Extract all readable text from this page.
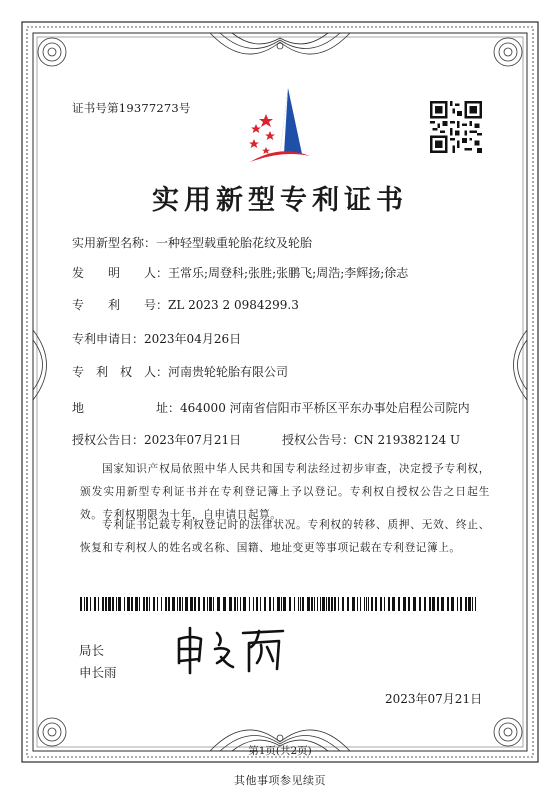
证书号第19377273号
实用新型专利证书
实用新型名称：一种轻型载重轮胎花纹及轮胎
发　　明　　人：王常乐;周登科;张胜;张鹏飞;周浩;李辉扬;徐志
专　　利　　号：ZL 2023 2 0984299.3
专利申请日：2023年04月26日
专　利　权　人：河南贵轮轮胎有限公司
地　　　　　　址：464000 河南省信阳市平桥区平东办事处启程公司院内
授权公告日：2023年07月21日	授权公告号：CN 219382124 U
国家知识产权局依照中华人民共和国专利法经过初步审查，决定授予专利权，颁发实用新型专利证书并在专利登记簿上予以登记。专利权自授权公告之日起生效。专利权期限为十年，自申请日起算。
专利证书记载专利权登记时的法律状况。专利权的转移、质押、无效、终止、恢复和专利权人的姓名或名称、国籍、地址变更等事项记载在专利登记簿上。
局长
申长雨
2023年07月21日
第1页(共2页)
其他事项参见续页
